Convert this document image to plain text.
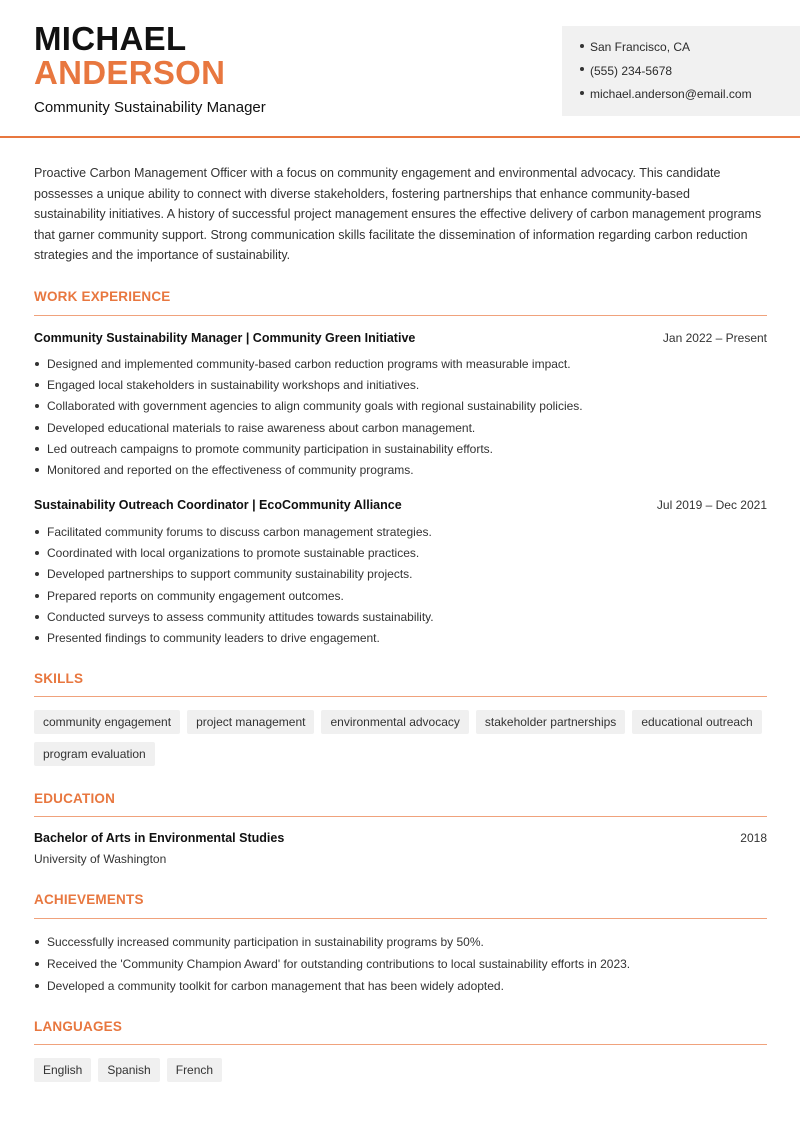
MICHAEL
ANDERSON
Community Sustainability Manager
San Francisco, CA
(555) 234-5678
michael.anderson@email.com
Proactive Carbon Management Officer with a focus on community engagement and environmental advocacy. This candidate possesses a unique ability to connect with diverse stakeholders, fostering partnerships that enhance community-based sustainability initiatives. A history of successful project management ensures the effective delivery of carbon management programs that garner community support. Strong communication skills facilitate the dissemination of information regarding carbon reduction strategies and the importance of sustainability.
WORK EXPERIENCE
Community Sustainability Manager | Community Green Initiative	Jan 2022 – Present
Designed and implemented community-based carbon reduction programs with measurable impact.
Engaged local stakeholders in sustainability workshops and initiatives.
Collaborated with government agencies to align community goals with regional sustainability policies.
Developed educational materials to raise awareness about carbon management.
Led outreach campaigns to promote community participation in sustainability efforts.
Monitored and reported on the effectiveness of community programs.
Sustainability Outreach Coordinator | EcoCommunity Alliance	Jul 2019 – Dec 2021
Facilitated community forums to discuss carbon management strategies.
Coordinated with local organizations to promote sustainable practices.
Developed partnerships to support community sustainability projects.
Prepared reports on community engagement outcomes.
Conducted surveys to assess community attitudes towards sustainability.
Presented findings to community leaders to drive engagement.
SKILLS
community engagement	project management	environmental advocacy	stakeholder partnerships	educational outreach
program evaluation
EDUCATION
Bachelor of Arts in Environmental Studies	2018
University of Washington
ACHIEVEMENTS
Successfully increased community participation in sustainability programs by 50%.
Received the 'Community Champion Award' for outstanding contributions to local sustainability efforts in 2023.
Developed a community toolkit for carbon management that has been widely adopted.
LANGUAGES
English	Spanish	French
